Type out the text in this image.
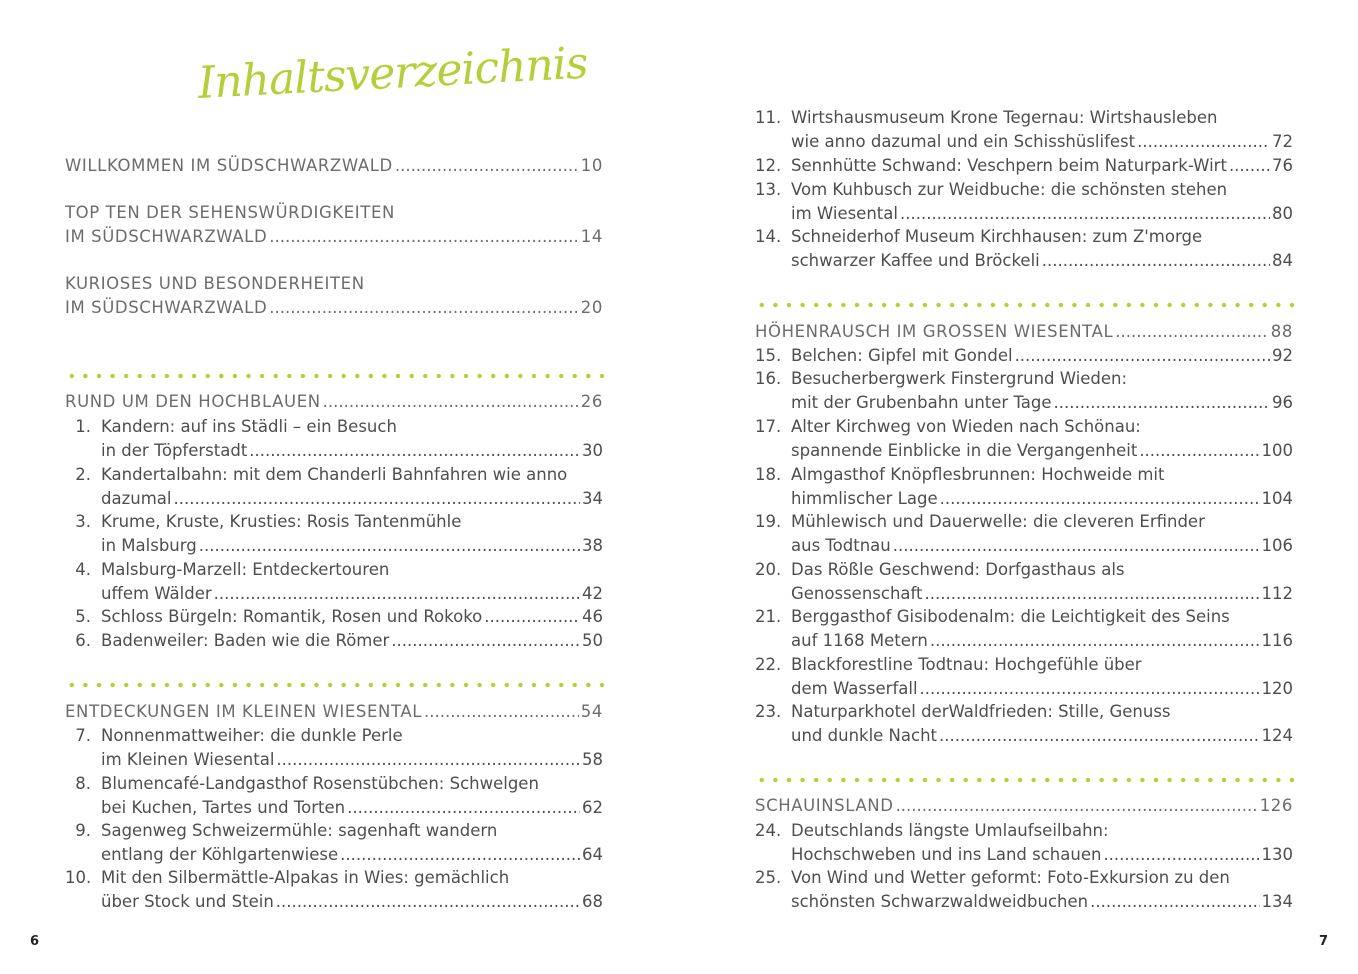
Inhaltsverzeichnis
WILLKOMMEN IM SÜDSCHWARZWALD .....	10
TOP TEN DER SEHENSWÜRDIGKEITEN
IM SÜDSCHWARZWALD .....	14
KURIOSES UND BESONDERHEITEN
IM SÜDSCHWARZWALD .....	20
RUND UM DEN HOCHBLAUEN .....	26
1. Kandern: auf ins Städli – ein Besuch
in der Töpferstadt .....	30
2. Kandertalbahn: mit dem Chanderli Bahnfahren wie anno
dazumal .....	34
3. Krume, Kruste, Krusties: Rosis Tantenmühle
in Malsburg .....	38
4. Malsburg-Marzell: Entdeckertouren
uffem Wälder .....	42
5. Schloss Bürgeln: Romantik, Rosen und Rokoko .....	46
6. Badenweiler: Baden wie die Römer .....	50
ENTDECKUNGEN IM KLEINEN WIESENTAL .....	54
7. Nonnenmattweiher: die dunkle Perle
im Kleinen Wiesental .....	58
8. Blumencafé-Landgasthof Rosenstübchen: Schwelgen
bei Kuchen, Tartes und Torten .....	62
9. Sagenweg Schweizermühle: sagenhaft wandern
entlang der Köhlgartenwiese .....	64
10. Mit den Silbermättle-Alpakas in Wies: gemächlich
über Stock und Stein .....	68
6
11. Wirtshausmuseum Krone Tegernau: Wirtshausleben
wie anno dazumal und ein Schisshüslifest .....	72
12. Sennhütte Schwand: Veschpern beim Naturpark-Wirt .....	76
13. Vom Kuhbusch zur Weidbuche: die schönsten stehen
im Wiesental .....	80
14. Schneiderhof Museum Kirchhausen: zum Z'morge
schwarzer Kaffee und Bröckeli .....	84
HÖHENRAUSCH IM GROSSEN WIESENTAL .....	88
15. Belchen: Gipfel mit Gondel .....	92
16. Besucherbergwerk Finstergrund Wieden:
mit der Grubenbahn unter Tage .....	96
17. Alter Kirchweg von Wieden nach Schönau:
spannende Einblicke in die Vergangenheit .....	100
18. Almgasthof Knöpflesbrunnen: Hochweide mit
himmlischer Lage .....	104
19. Mühlewisch und Dauerwelle: die cleveren Erfinder
aus Todtnau .....	106
20. Das Rößle Geschwend: Dorfgasthaus als
Genossenschaft .....	112
21. Berggasthof Gisibodenalm: die Leichtigkeit des Seins
auf 1168 Metern .....	116
22. Blackforestline Todtnau: Hochgefühle über
dem Wasserfall .....	120
23. Naturparkhotel derWaldfrieden: Stille, Genuss
und dunkle Nacht .....	124
SCHAUINSLAND .....	126
24. Deutschlands längste Umlaufseilbahn:
Hochschweben und ins Land schauen .....	130
25. Von Wind und Wetter geformt: Foto-Exkursion zu den
schönsten Schwarzwaldweidbuchen .....	134
7
